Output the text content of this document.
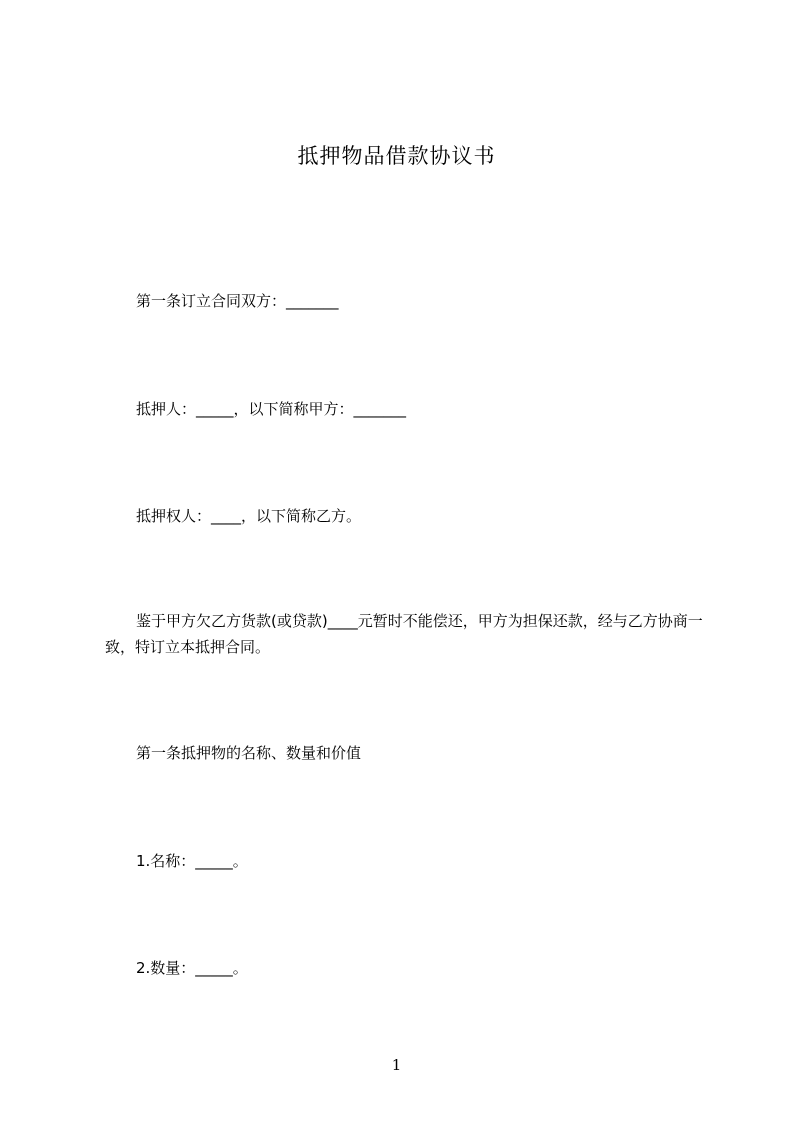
抵押物品借款协议书
第一条订立合同双方：_______
抵押人：_____，以下简称甲方：_______
抵押权人：____，以下简称乙方。
鉴于甲方欠乙方货款(或贷款)____元暂时不能偿还，甲方为担保还款，经与乙方协商一致，特订立本抵押合同。
第一条抵押物的名称、数量和价值
1.名称：_____。
2.数量：_____。
1
